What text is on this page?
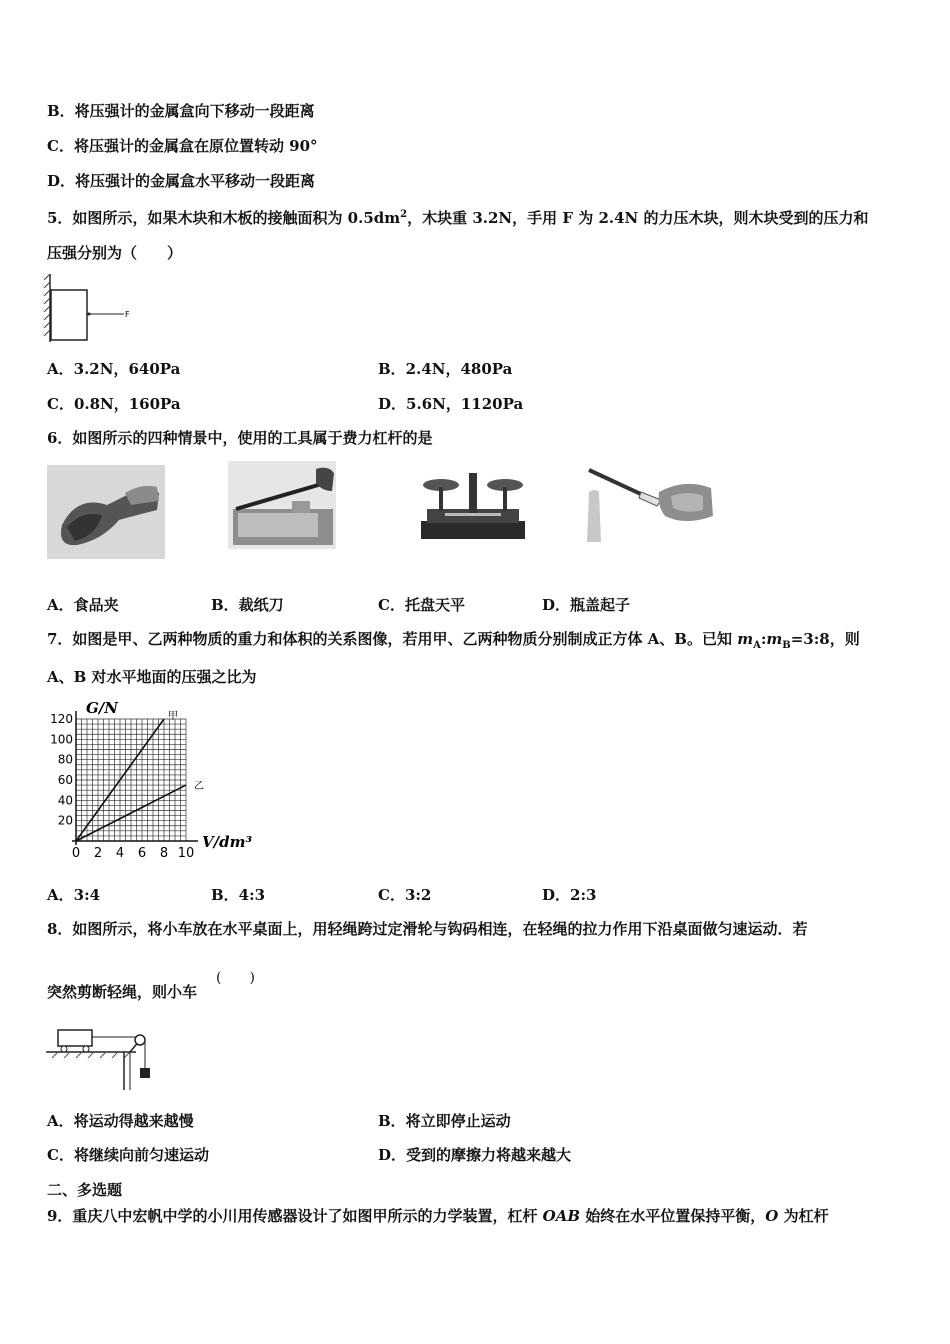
B．将压强计的金属盒向下移动一段距离
C．将压强计的金属盒在原位置转动 90°
D．将压强计的金属盒水平移动一段距离
5．如图所示，如果木块和木板的接触面积为 $0.5dm^2$，木块重 3.2N，手用 F 为 2.4N 的力压木块，则木块受到的压力和
压强分别为（　　）
F
A．3.2N，640Pa	B．2.4N，480Pa
C．0.8N，160Pa	D．5.6N，1120Pa
6．如图所示的四种情景中，使用的工具属于费力杠杆的是
A．食品夹	B．裁纸刀	C．托盘天平	D．瓶盖起子
7．如图是甲、乙两种物质的重力和体积的关系图像，若用甲、乙两种物质分别制成正方体 A、B。已知 $m_A:m_B=3:8$，则
A、B 对水平地面的压强之比为
0 2 4 6 8 10
20
40
60
80
100
120
G/N
V/dm³
甲
乙
A．3:4	B．4:3	C．3:2	D．2:3
8．如图所示，将小车放在水平桌面上，用轻绳跨过定滑轮与钩码相连，在轻绳的拉力作用下沿桌面做匀速运动．若
突然剪断轻绳，则小车
(　　)
A．将运动得越来越慢	B．将立即停止运动
C．将继续向前匀速运动	D．受到的摩擦力将越来越大
二、多选题
9．重庆八中宏帆中学的小川用传感器设计了如图甲所示的力学装置，杠杆 OAB 始终在水平位置保持平衡，O 为杠杆
